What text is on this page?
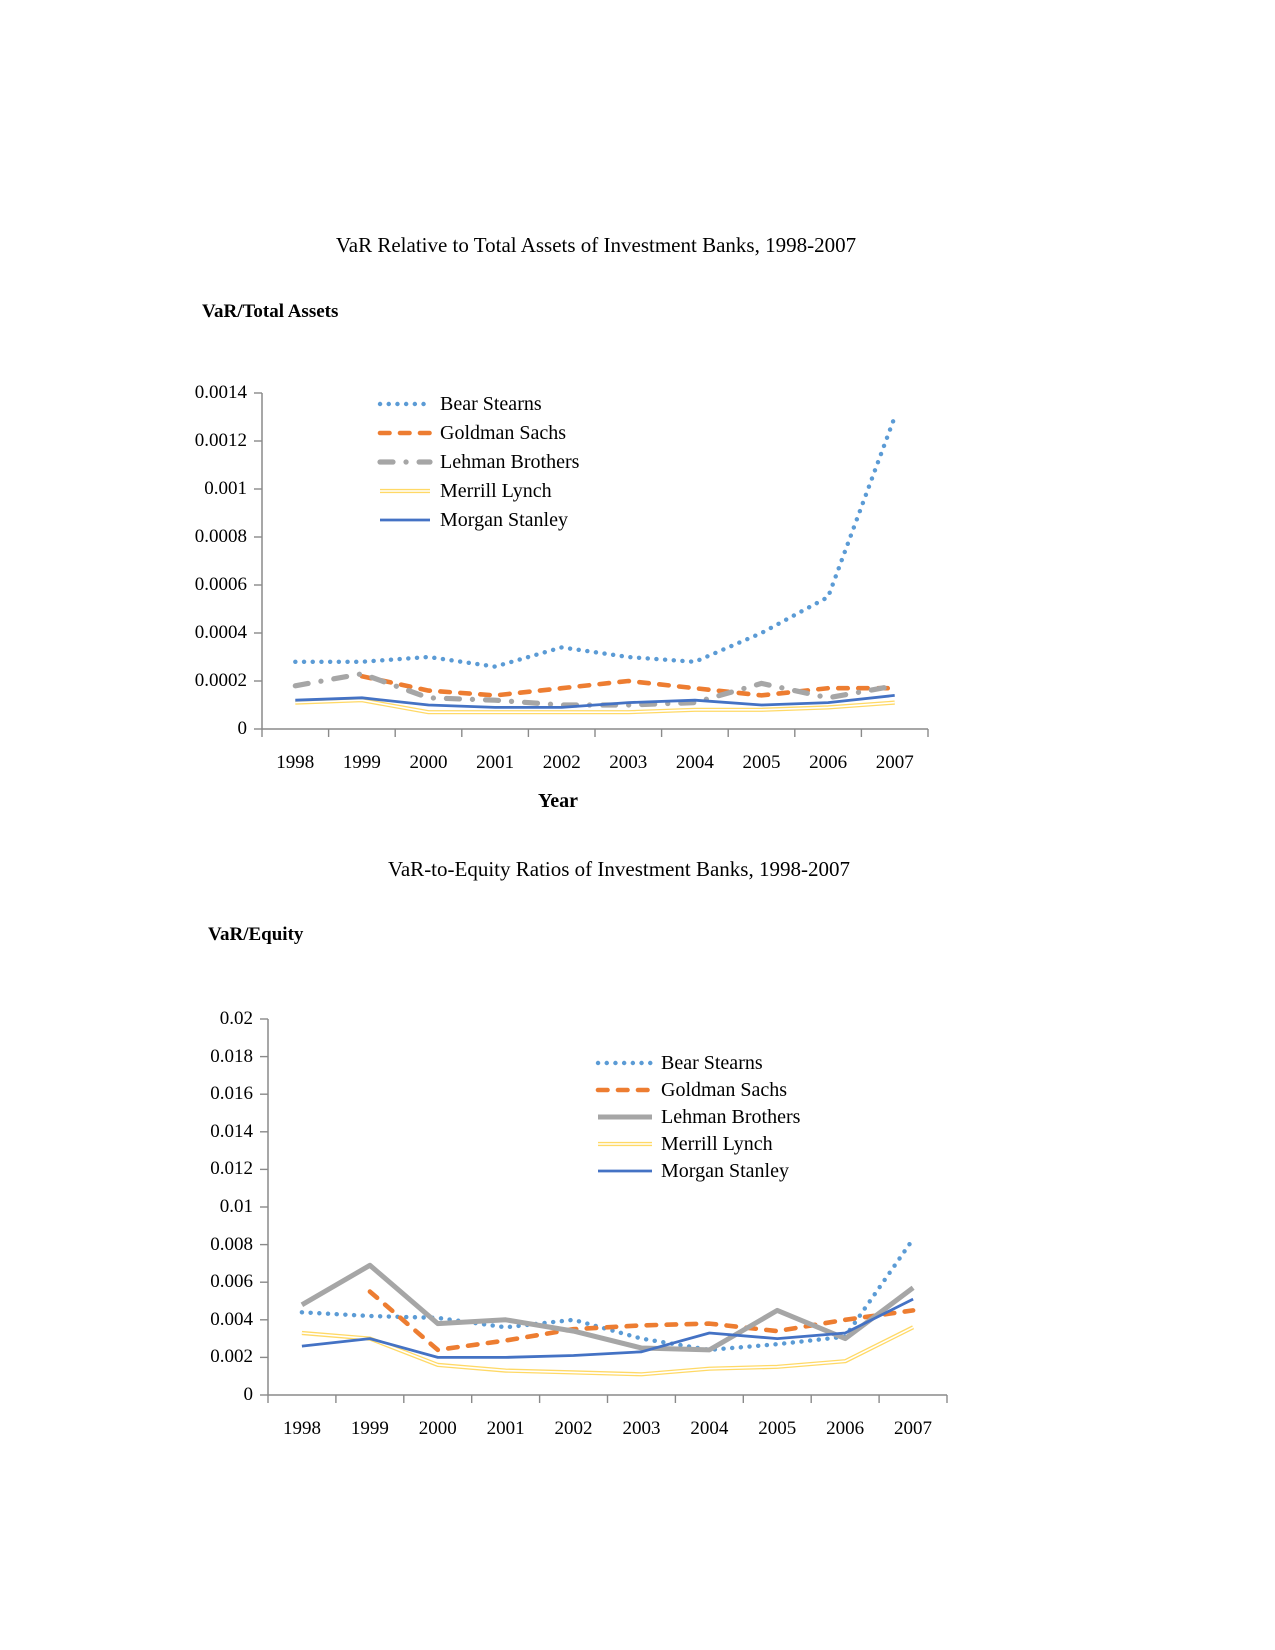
VaR Relative to Total Assets of Investment Banks, 1998-2007
VaR/Total Assets
Year
Bear Stearns
Goldman Sachs
Lehman Brothers
Merrill Lynch
Morgan Stanley
VaR-to-Equity Ratios of Investment Banks, 1998-2007
VaR/Equity
Bear Stearns
Goldman Sachs
Lehman Brothers
Merrill Lynch
Morgan Stanley
0.0014
0.0012
0.001
0.0008
0.0006
0.0004
0.0002
0
1998	1999	2000	2001	2002	2003	2004	2005	2006	2007
0.02
0.018
0.016
0.014
0.012
0.01
0.008
0.006
0.004
0.002
0
1998	1999	2000	2001	2002	2003	2004	2005	2006	2007
